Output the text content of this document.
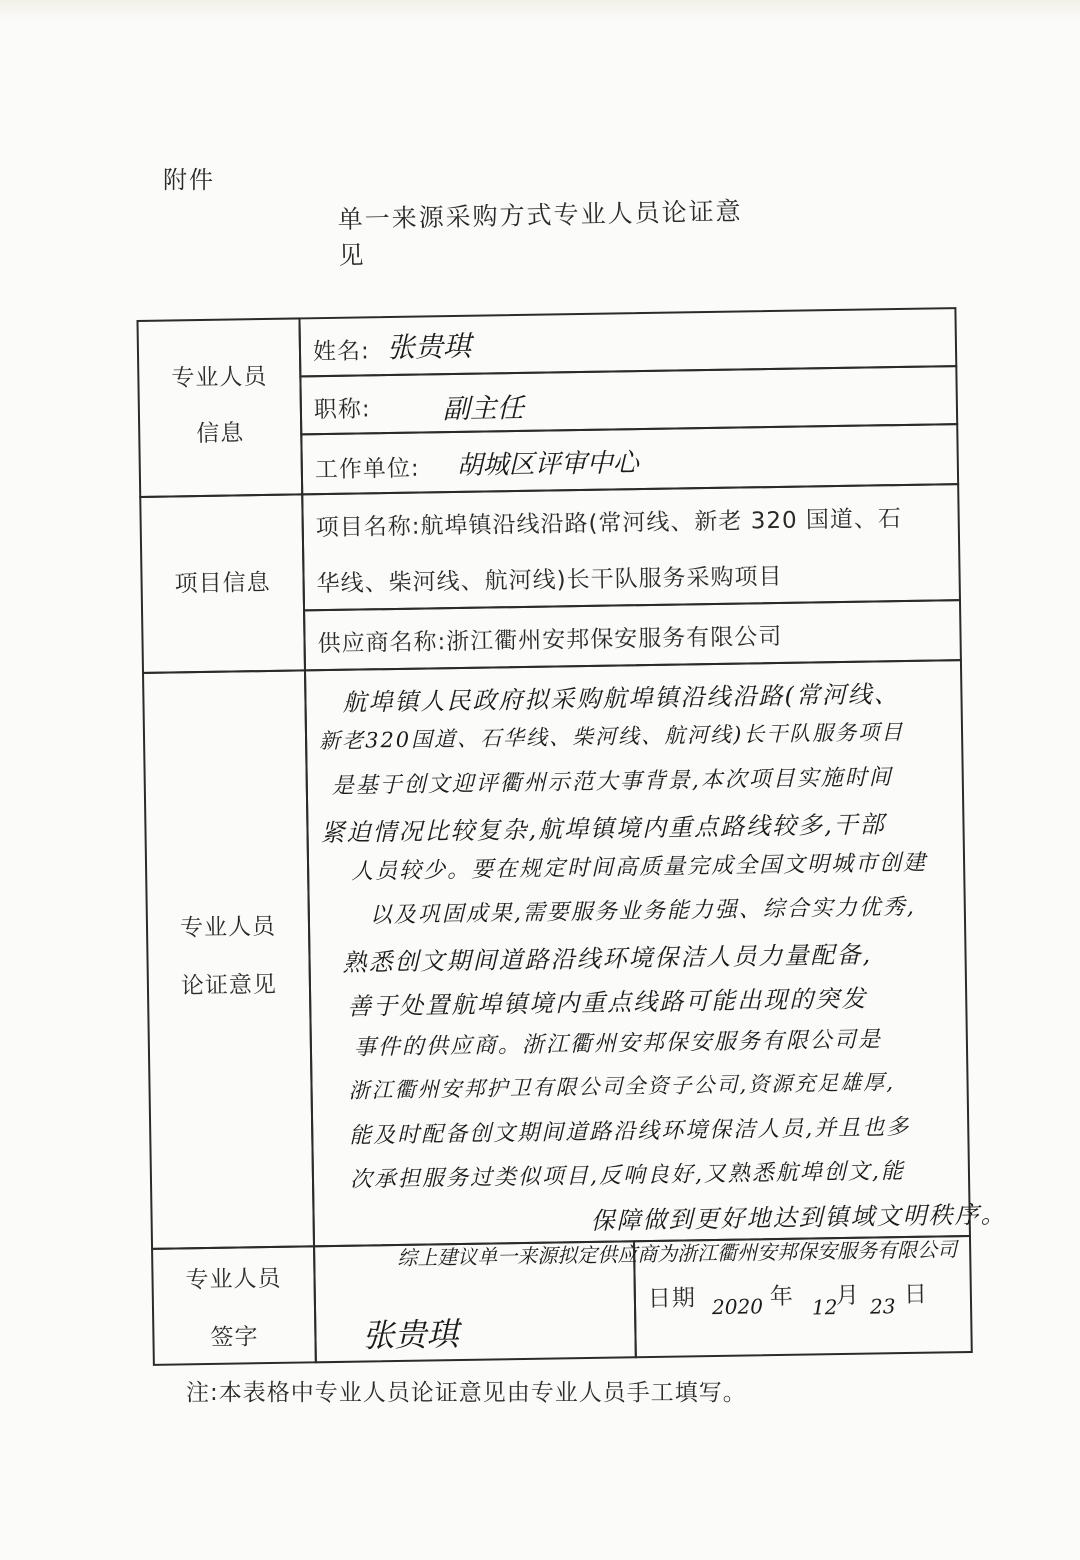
附件
单一来源采购方式专业人员论证意见
专业人员
信息
姓名: 张贵琪
职称:	副主任
工作单位: 胡城区评审中心
项目信息
项目名称:航埠镇沿线沿路(常河线、新老 320 国道、石
华线、柴河线、航河线)长干队服务采购项目
供应商名称:浙江衢州安邦保安服务有限公司
专业人员
论证意见
航埠镇人民政府拟采购航埠镇沿线沿路(常河线、
新老320国道、石华线、柴河线、航河线)长干队服务项目
是基于创文迎评衢州示范大事背景,本次项目实施时间
紧迫情况比较复杂,航埠镇境内重点路线较多,干部
人员较少。要在规定时间高质量完成全国文明城市创建
以及巩固成果,需要服务业务能力强、综合实力优秀,
熟悉创文期间道路沿线环境保洁人员力量配备,
善于处置航埠镇境内重点线路可能出现的突发
事件的供应商。浙江衢州安邦保安服务有限公司是
浙江衢州安邦护卫有限公司全资子公司,资源充足雄厚,
能及时配备创文期间道路沿线环境保洁人员,并且也多
次承担服务过类似项目,反响良好,又熟悉航埠创文,能
保障做到更好地达到镇域文明秩序。
专业人员
签字
综上建议单一来源拟定供应商为浙江衢州安邦保安服务有限公司
张贵琪
日期 2020 年 12
月 23 日
注:本表格中专业人员论证意见由专业人员手工填写。
